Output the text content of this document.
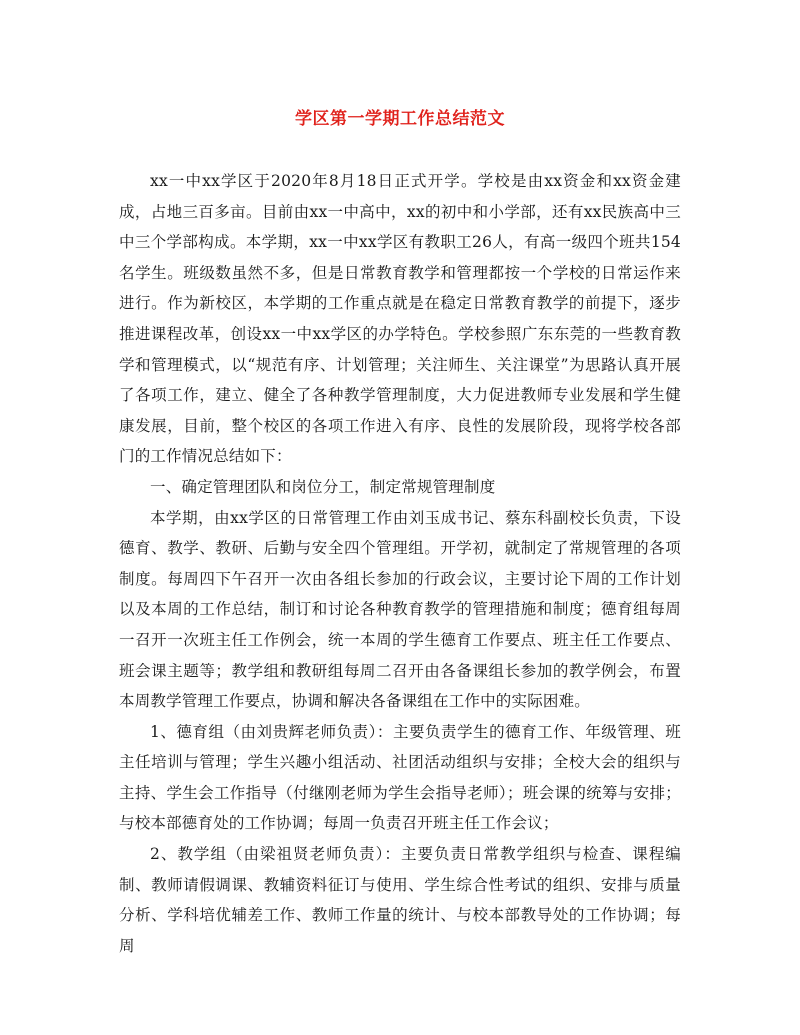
学区第一学期工作总结范文

xx一中xx学区于2020年8月18日正式开学。学校是由xx资金和xx资金建成，占地三百多亩。目前由xx一中高中，xx的初中和小学部，还有xx民族高中三中三个学部构成。本学期，xx一中xx学区有教职工26人，有高一级四个班共154名学生。班级数虽然不多，但是日常教育教学和管理都按一个学校的日常运作来进行。作为新校区，本学期的工作重点就是在稳定日常教育教学的前提下，逐步推进课程改革，创设xx一中xx学区的办学特色。学校参照广东东莞的一些教育教学和管理模式，以“规范有序、计划管理；关注师生、关注课堂”为思路认真开展了各项工作，建立、健全了各种教学管理制度，大力促进教师专业发展和学生健康发展，目前，整个校区的各项工作进入有序、良性的发展阶段，现将学校各部门的工作情况总结如下：

一、确定管理团队和岗位分工，制定常规管理制度

本学期，由xx学区的日常管理工作由刘玉成书记、蔡东科副校长负责，下设德育、教学、教研、后勤与安全四个管理组。开学初，就制定了常规管理的各项制度。每周四下午召开一次由各组长参加的行政会议，主要讨论下周的工作计划以及本周的工作总结，制订和讨论各种教育教学的管理措施和制度；德育组每周一召开一次班主任工作例会，统一本周的学生德育工作要点、班主任工作要点、班会课主题等；教学组和教研组每周二召开由各备课组长参加的教学例会，布置本周教学管理工作要点，协调和解决各备课组在工作中的实际困难。

1、德育组（由刘贵辉老师负责）：主要负责学生的德育工作、年级管理、班主任培训与管理；学生兴趣小组活动、社团活动组织与安排；全校大会的组织与主持、学生会工作指导（付继刚老师为学生会指导老师）；班会课的统筹与安排；与校本部德育处的工作协调；每周一负责召开班主任工作会议；

2、教学组（由梁祖贤老师负责）：主要负责日常教学组织与检查、课程编制、教师请假调课、教辅资料征订与使用、学生综合性考试的组织、安排与质量分析、学科培优辅差工作、教师工作量的统计、与校本部教导处的工作协调；每周
